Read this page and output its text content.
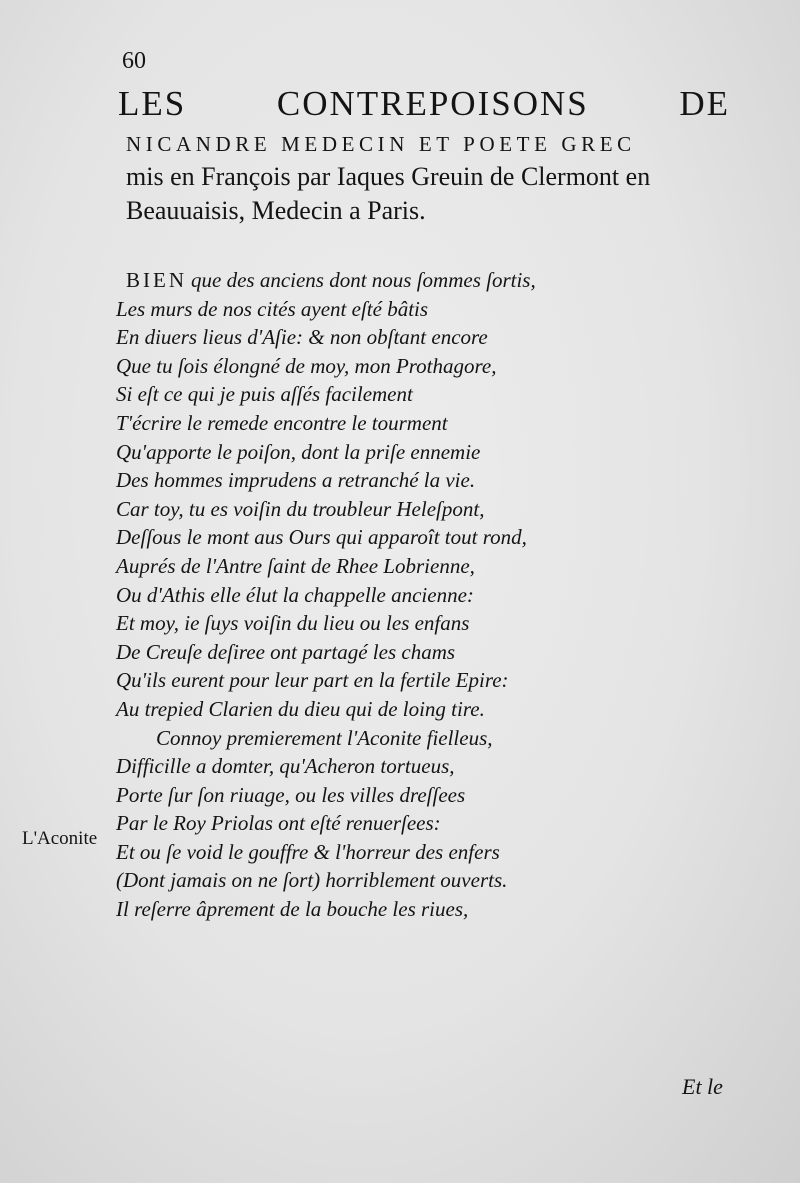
60
LES	CONTREPOISONS	DE
NICANDRE MEDECIN ET POETE GREC
mis en François par Iaques Greuin de Clermont en
Beauuaisis, Medecin a Paris.
BIEN que des anciens dont nous ſommes ſortis,
Les murs de nos cités ayent eſté bâtis
En diuers lieus d'Aſie: & non obſtant encore
Que tu ſois élongné de moy, mon Prothagore,
Si eſt ce qui je puis aſſés facilement
T'écrire le remede encontre le tourment
Qu'apporte le poiſon, dont la priſe ennemie
Des hommes imprudens a retranché la vie.
Car toy, tu es voiſin du troubleur Heleſpont,
Deſſous le mont aus Ours qui apparoît tout rond,
Auprés de l'Antre ſaint de Rhee Lobrienne,
Ou d'Athis elle élut la chappelle ancienne:
Et moy, ie ſuys voiſin du lieu ou les enfans
De Creuſe deſiree ont partagé les chams
Qu'ils eurent pour leur part en la fertile Epire:
Au trepied Clarien du dieu qui de loing tire.
Connoy premierement l'Aconite fielleus,
Difficille a domter, qu'Acheron tortueus,
Porte ſur ſon riuage, ou les villes dreſſees
Par le Roy Priolas ont eſté renuerſees:
Et ou ſe void le gouffre & l'horreur des enfers
(Dont jamais on ne ſort) horriblement ouverts.
Il reſerre âprement de la bouche les riues,
L'Aconite
Et le
